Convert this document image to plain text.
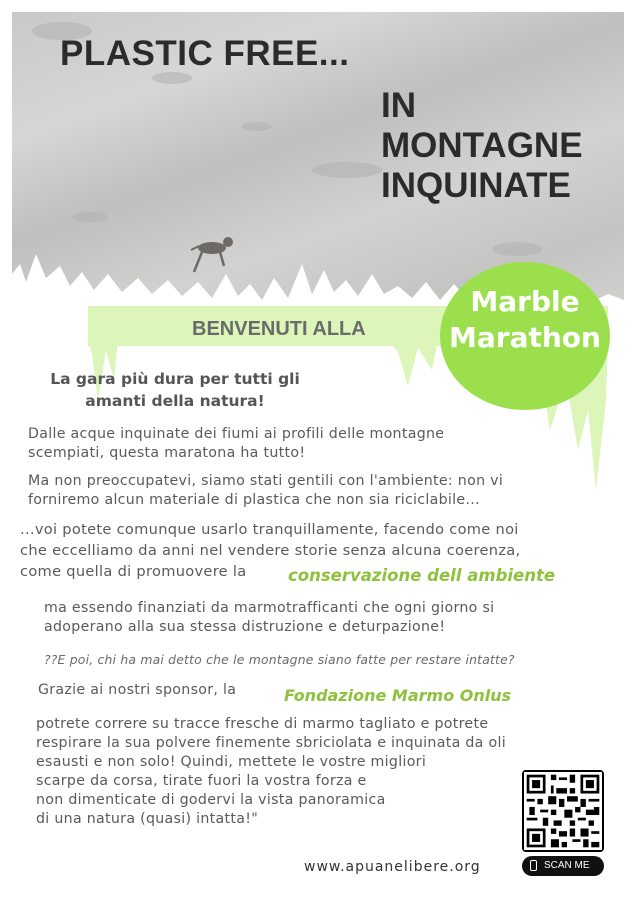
PLASTIC FREE...
IN
MONTAGNE
INQUINATE
Marble
Marathon
BENVENUTI ALLA
La gara più dura per tutti gli
amanti della natura!
Dalle acque inquinate dei fiumi ai profili delle montagne
scempiati, questa maratona ha tutto!
Ma non preoccupatevi, siamo stati gentili con l'ambiente: non vi
forniremo alcun materiale di plastica che non sia riciclabile...
...voi potete comunque usarlo tranquillamente, facendo come noi
che eccelliamo da anni nel vendere storie senza alcuna coerenza,
come quella di promuovere la	conservazione dell ambiente
ma essendo finanziati da marmotrafficanti che ogni giorno si
adoperano alla sua stessa distruzione e deturpazione!
??E poi, chi ha mai detto che le montagne siano fatte per restare intatte?
Grazie ai nostri sponsor, la	Fondazione Marmo Onlus
potrete correre su tracce fresche di marmo tagliato e potrete
respirare la sua polvere finemente sbriciolata e inquinata da oli
esausti e non solo! Quindi, mettete le vostre migliori
scarpe da corsa, tirate fuori la vostra forza e
non dimenticate di godervi la vista panoramica
di una natura (quasi) intatta!"
SCAN ME
www.apuanelibere.org
